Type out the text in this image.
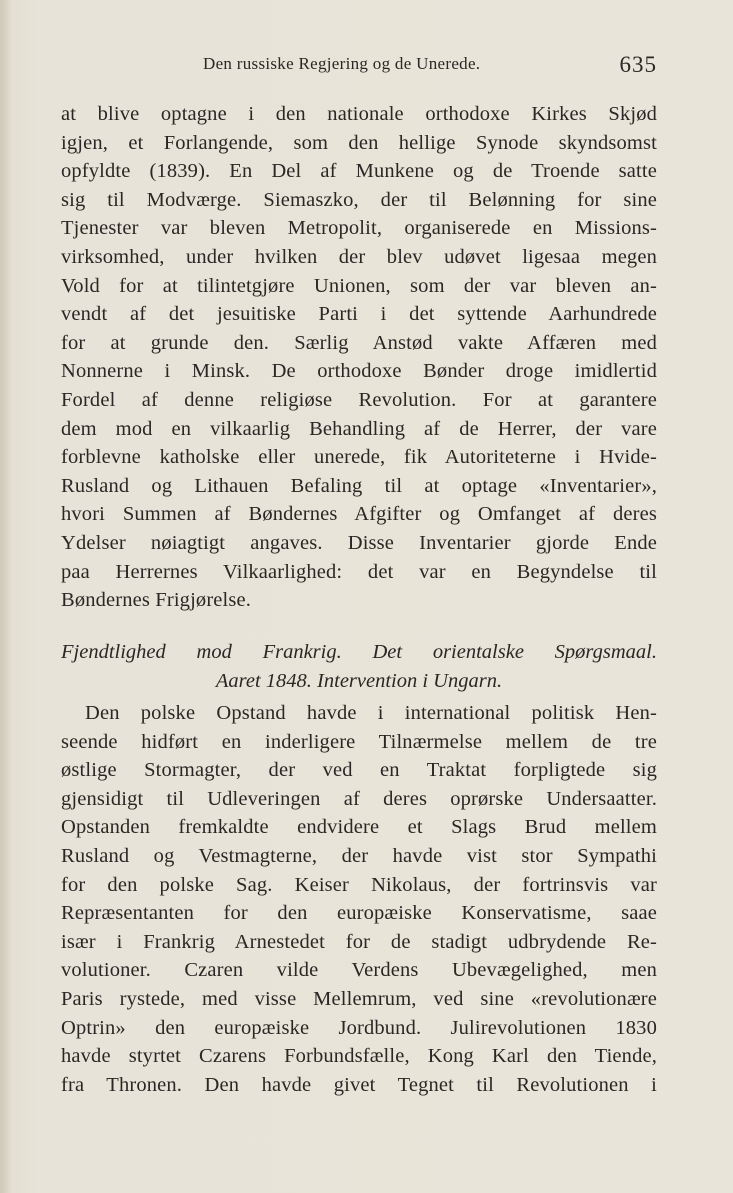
Den russiske Regjering og de Unerede.	635
at blive optagne i den nationale orthodoxe Kirkes Skjød
igjen, et Forlangende, som den hellige Synode skyndsomst
opfyldte (1839). En Del af Munkene og de Troende satte
sig til Modværge. Siemaszko, der til Belønning for sine
Tjenester var bleven Metropolit, organiserede en Missions-
virksomhed, under hvilken der blev udøvet ligesaa megen
Vold for at tilintetgjøre Unionen, som der var bleven an-
vendt af det jesuitiske Parti i det syttende Aarhundrede
for at grunde den. Særlig Anstød vakte Affæren med
Nonnerne i Minsk. De orthodoxe Bønder droge imidlertid
Fordel af denne religiøse Revolution. For at garantere
dem mod en vilkaarlig Behandling af de Herrer, der vare
forblevne katholske eller unerede, fik Autoriteterne i Hvide-
Rusland og Lithauen Befaling til at optage «Inventarier»,
hvori Summen af Bøndernes Afgifter og Omfanget af deres
Ydelser nøiagtigt angaves. Disse Inventarier gjorde Ende
paa Herrernes Vilkaarlighed: det var en Begyndelse til
Bøndernes Frigjørelse.
Fjendtlighed mod Frankrig. Det orientalske Spørgsmaal.
Aaret 1848. Intervention i Ungarn.
Den polske Opstand havde i international politisk Hen-
seende hidført en inderligere Tilnærmelse mellem de tre
østlige Stormagter, der ved en Traktat forpligtede sig
gjensidigt til Udleveringen af deres oprørske Undersaatter.
Opstanden fremkaldte endvidere et Slags Brud mellem
Rusland og Vestmagterne, der havde vist stor Sympathi
for den polske Sag. Keiser Nikolaus, der fortrinsvis var
Repræsentanten for den europæiske Konservatisme, saae
især i Frankrig Arnestedet for de stadigt udbrydende Re-
volutioner. Czaren vilde Verdens Ubevægelighed, men
Paris rystede, med visse Mellemrum, ved sine «revolutionære
Optrin» den europæiske Jordbund. Julirevolutionen 1830
havde styrtet Czarens Forbundsfælle, Kong Karl den Tiende,
fra Thronen. Den havde givet Tegnet til Revolutionen i
